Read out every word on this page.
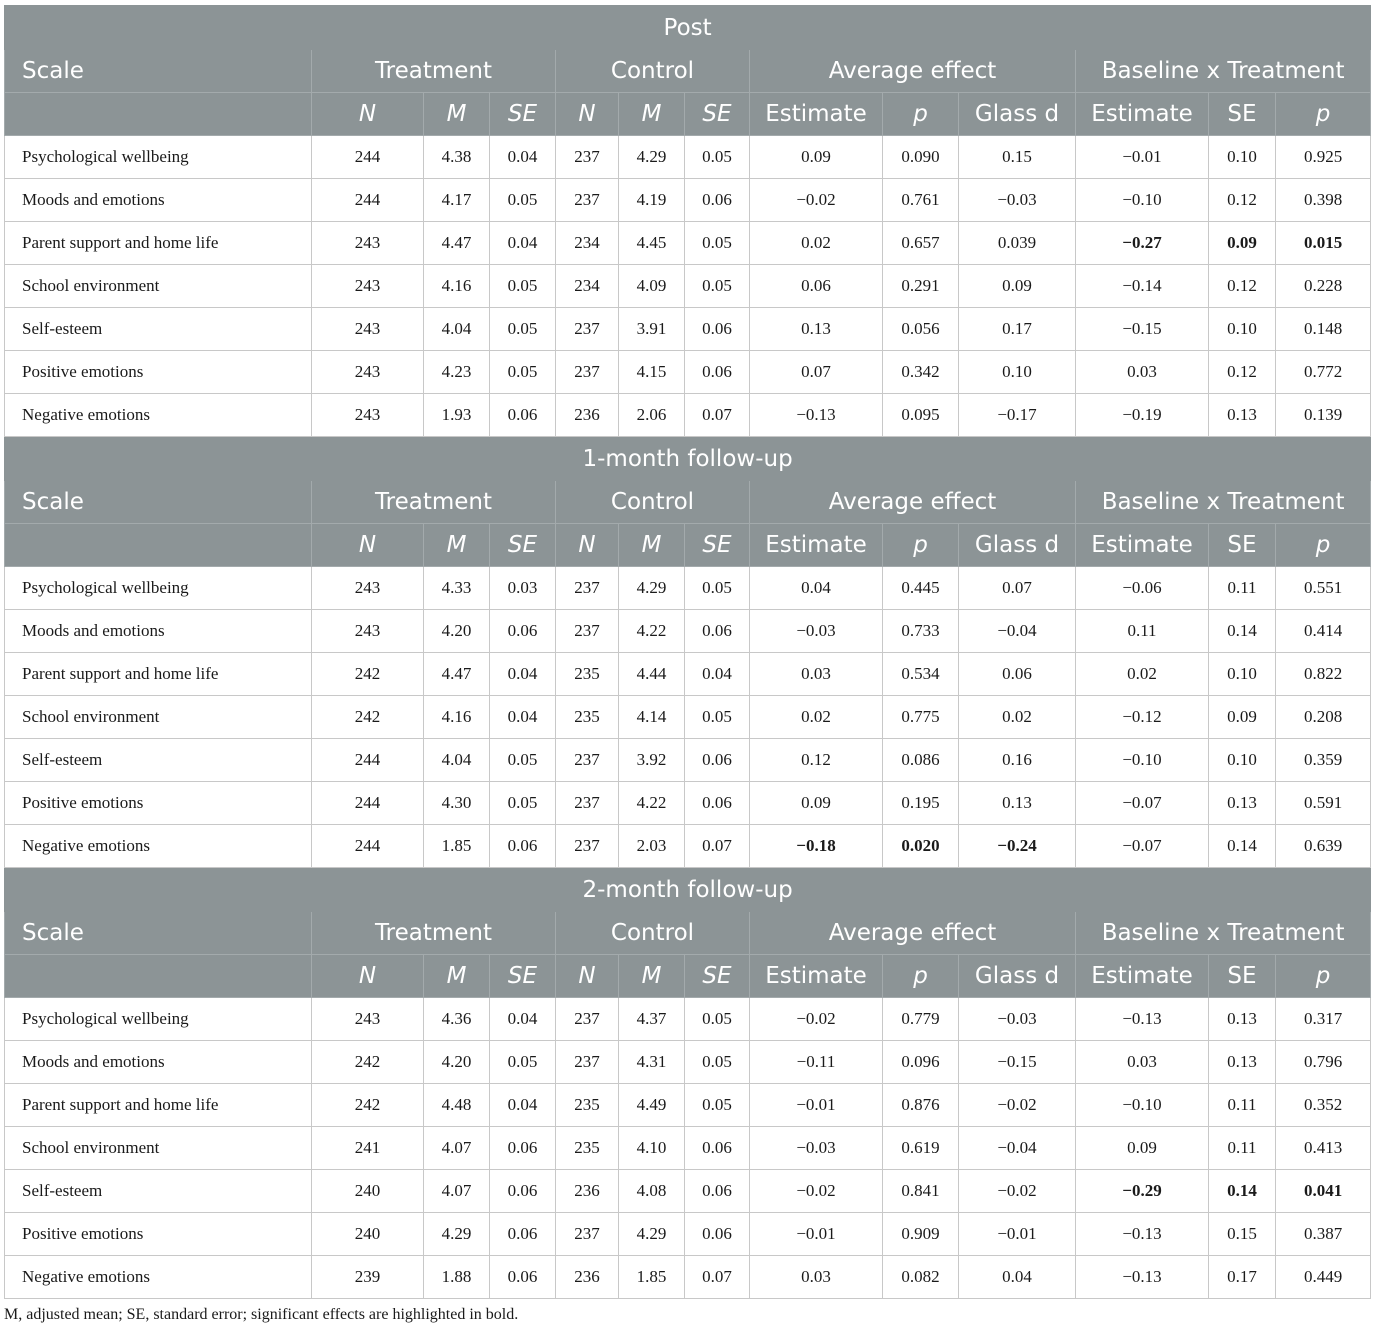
Post												
Scale	Treatment			Control			Average effect			Baseline x Treatment		
	N	M	SE	N	M	SE	Estimate	p	Glass d	Estimate	SE	p
Psychological wellbeing	244	4.38	0.04	237	4.29	0.05	0.09	0.090	0.15	−0.01	0.10	0.925
Moods and emotions	244	4.17	0.05	237	4.19	0.06	−0.02	0.761	−0.03	−0.10	0.12	0.398
Parent support and home life	243	4.47	0.04	234	4.45	0.05	0.02	0.657	0.039	−0.27	0.09	0.015
School environment	243	4.16	0.05	234	4.09	0.05	0.06	0.291	0.09	−0.14	0.12	0.228
Self-esteem	243	4.04	0.05	237	3.91	0.06	0.13	0.056	0.17	−0.15	0.10	0.148
Positive emotions	243	4.23	0.05	237	4.15	0.06	0.07	0.342	0.10	0.03	0.12	0.772
Negative emotions	243	1.93	0.06	236	2.06	0.07	−0.13	0.095	−0.17	−0.19	0.13	0.139
1-month follow-up												
Scale	Treatment			Control			Average effect			Baseline x Treatment		
	N	M	SE	N	M	SE	Estimate	p	Glass d	Estimate	SE	p
Psychological wellbeing	243	4.33	0.03	237	4.29	0.05	0.04	0.445	0.07	−0.06	0.11	0.551
Moods and emotions	243	4.20	0.06	237	4.22	0.06	−0.03	0.733	−0.04	0.11	0.14	0.414
Parent support and home life	242	4.47	0.04	235	4.44	0.04	0.03	0.534	0.06	0.02	0.10	0.822
School environment	242	4.16	0.04	235	4.14	0.05	0.02	0.775	0.02	−0.12	0.09	0.208
Self-esteem	244	4.04	0.05	237	3.92	0.06	0.12	0.086	0.16	−0.10	0.10	0.359
Positive emotions	244	4.30	0.05	237	4.22	0.06	0.09	0.195	0.13	−0.07	0.13	0.591
Negative emotions	244	1.85	0.06	237	2.03	0.07	−0.18	0.020	−0.24	−0.07	0.14	0.639
2-month follow-up												
Scale	Treatment			Control			Average effect			Baseline x Treatment		
	N	M	SE	N	M	SE	Estimate	p	Glass d	Estimate	SE	p
Psychological wellbeing	243	4.36	0.04	237	4.37	0.05	−0.02	0.779	−0.03	−0.13	0.13	0.317
Moods and emotions	242	4.20	0.05	237	4.31	0.05	−0.11	0.096	−0.15	0.03	0.13	0.796
Parent support and home life	242	4.48	0.04	235	4.49	0.05	−0.01	0.876	−0.02	−0.10	0.11	0.352
School environment	241	4.07	0.06	235	4.10	0.06	−0.03	0.619	−0.04	0.09	0.11	0.413
Self-esteem	240	4.07	0.06	236	4.08	0.06	−0.02	0.841	−0.02	−0.29	0.14	0.041
Positive emotions	240	4.29	0.06	237	4.29	0.06	−0.01	0.909	−0.01	−0.13	0.15	0.387
Negative emotions	239	1.88	0.06	236	1.85	0.07	0.03	0.082	0.04	−0.13	0.17	0.449
M, adjusted mean; SE, standard error; significant effects are highlighted in bold.
